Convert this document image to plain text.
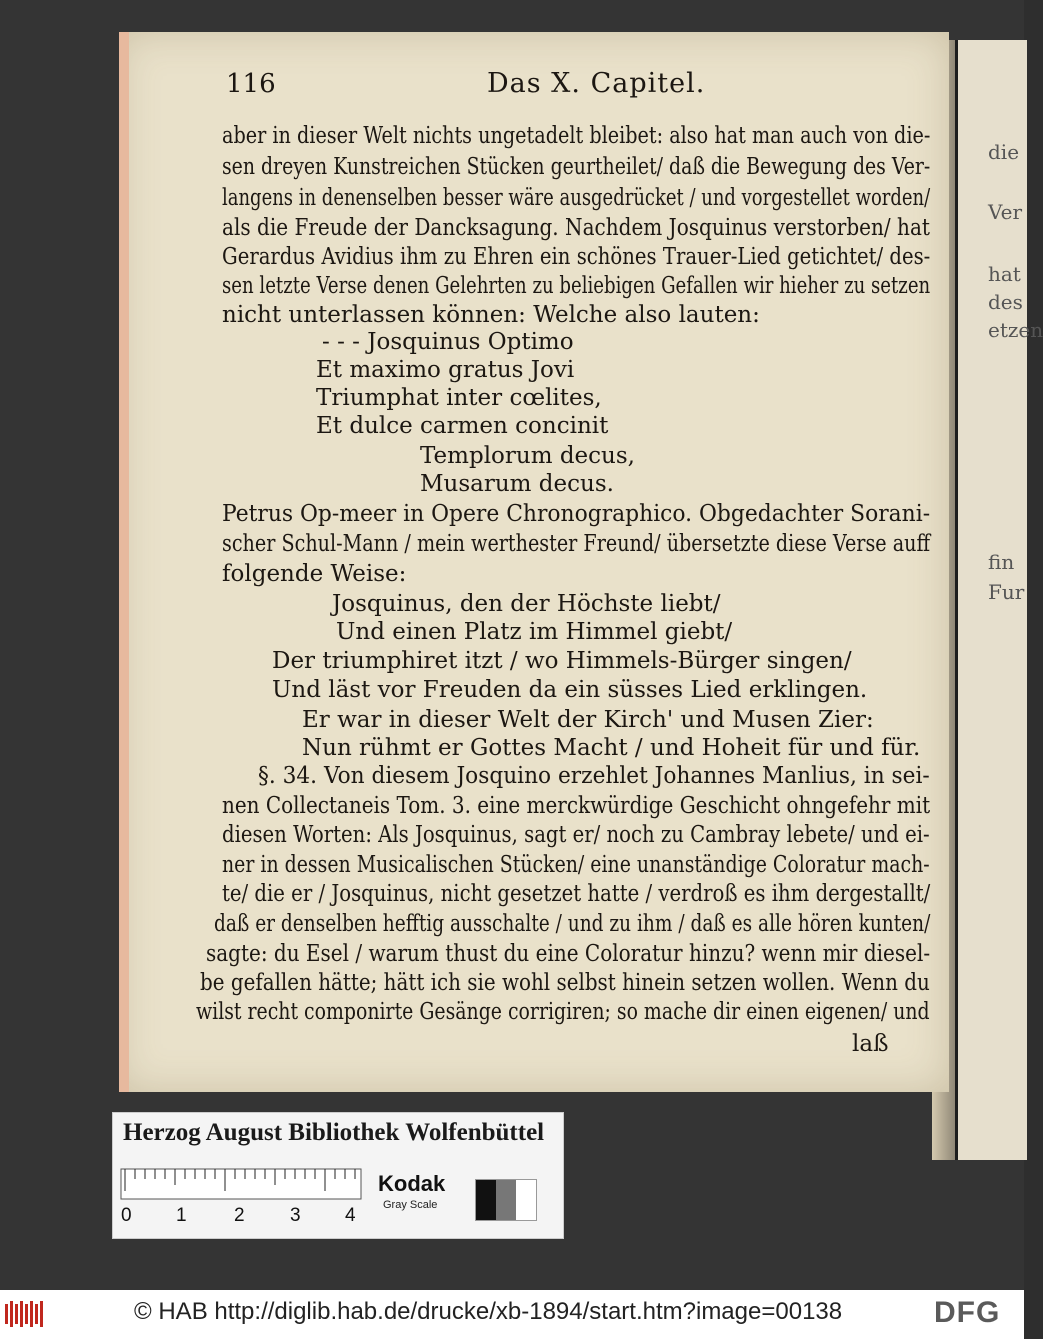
die
Ver
hat
des
etzen
fin
Fur
116	Das X. Capitel.
aber in dieser Welt nichts ungetadelt bleibet: also hat man auch von die-
sen dreyen Kunstreichen Stücken geurtheilet/ daß die Bewegung des Ver-
langens in denenselben besser wäre ausgedrücket / und vorgestellet worden/
als die Freude der Dancksagung. Nachdem Josquinus verstorben/ hat
Gerardus Avidius ihm zu Ehren ein schönes Trauer-Lied getichtet/ des-
sen letzte Verse denen Gelehrten zu beliebigen Gefallen wir hieher zu setzen
nicht unterlassen können: Welche also lauten:
- - - Josquinus Optimo
Et maximo gratus Jovi
Triumphat inter cœlites,
Et dulce carmen concinit
Templorum decus,
Musarum decus.
Petrus Op-meer in Opere Chronographico. Obgedachter Sorani-
scher Schul-Mann / mein werthester Freund/ übersetzte diese Verse auff
folgende Weise:
Josquinus, den der Höchste liebt/
Und einen Platz im Himmel giebt/
Der triumphiret itzt / wo Himmels-Bürger singen/
Und läst vor Freuden da ein süsses Lied erklingen.
Er war in dieser Welt der Kirch' und Musen Zier:
Nun rühmt er Gottes Macht / und Hoheit für und für.
§. 34. Von diesem Josquino erzehlet Johannes Manlius, in sei-
nen Collectaneis Tom. 3. eine merckwürdige Geschicht ohngefehr mit
diesen Worten: Als Josquinus, sagt er/ noch zu Cambray lebete/ und ei-
ner in dessen Musicalischen Stücken/ eine unanständige Coloratur mach-
te/ die er / Josquinus, nicht gesetzet hatte / verdroß es ihm dergestallt/
daß er denselben hefftig ausschalte / und zu ihm / daß es alle hören kunten/
sagte: du Esel / warum thust du eine Coloratur hinzu? wenn mir diesel-
be gefallen hätte; hätt ich sie wohl selbst hinein setzen wollen. Wenn du
wilst recht componirte Gesänge corrigiren; so mache dir einen eigenen/ und
laß
Herzog August Bibliothek Wolfenbüttel
0 1 2 3 4
Kodak
Gray Scale
© HAB http://diglib.hab.de/drucke/xb-1894/start.htm?image=00138	DFG
